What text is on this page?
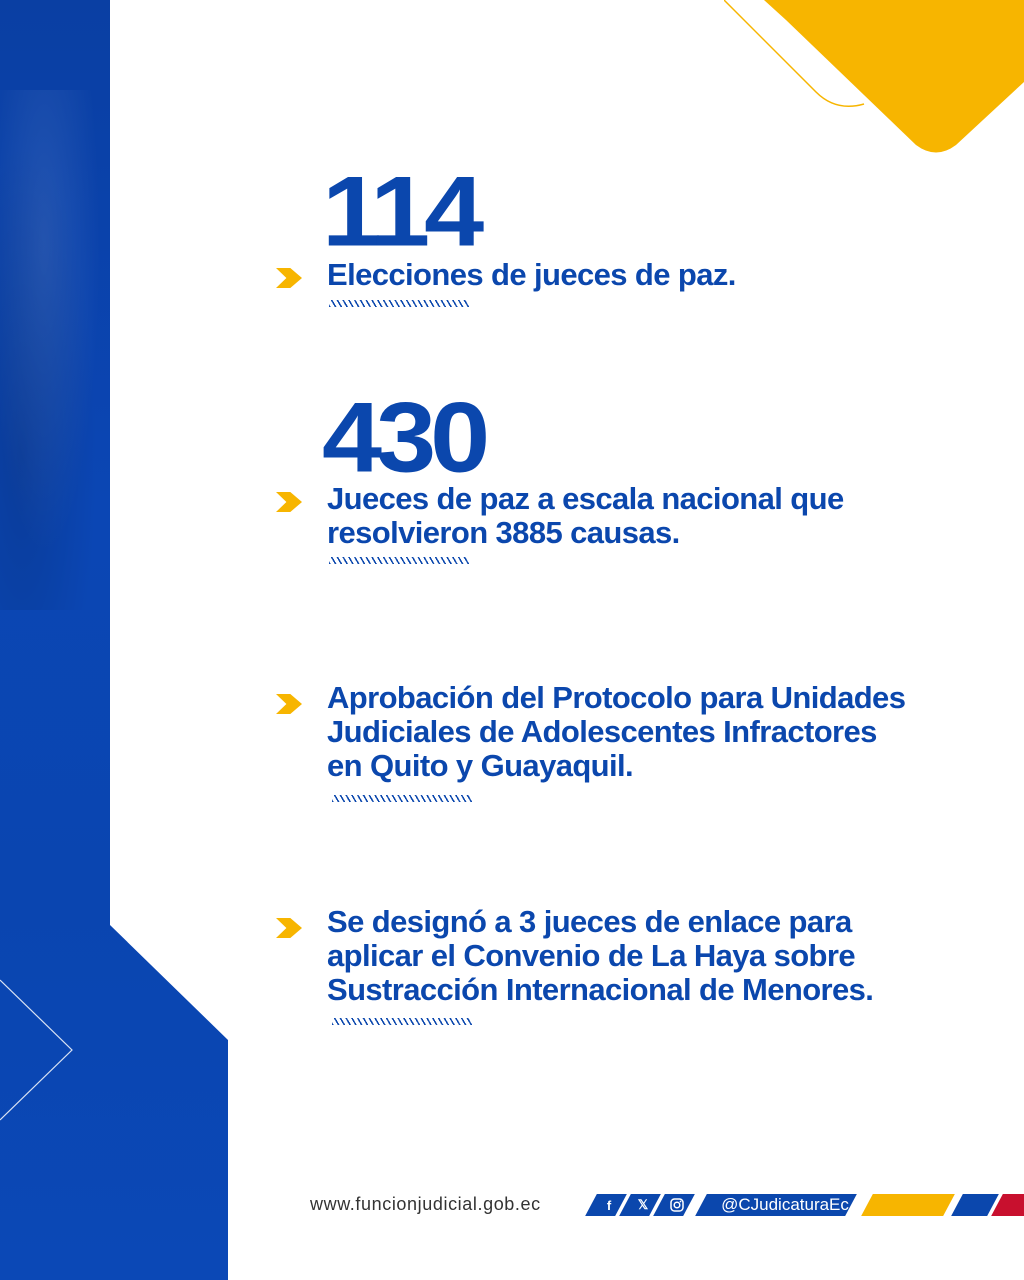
114

Elecciones de jueces de paz.

430

Jueces de paz a escala nacional que resolvieron 3885 causas.

Aprobación del Protocolo para Unidades Judiciales de Adolescentes Infractores en Quito y Guayaquil.

Se designó a 3 jueces de enlace para aplicar el Convenio de La Haya sobre Sustracción Internacional de Menores.

www.funcionjudicial.gob.ec	f	𝕏	@CJudicaturaEc
